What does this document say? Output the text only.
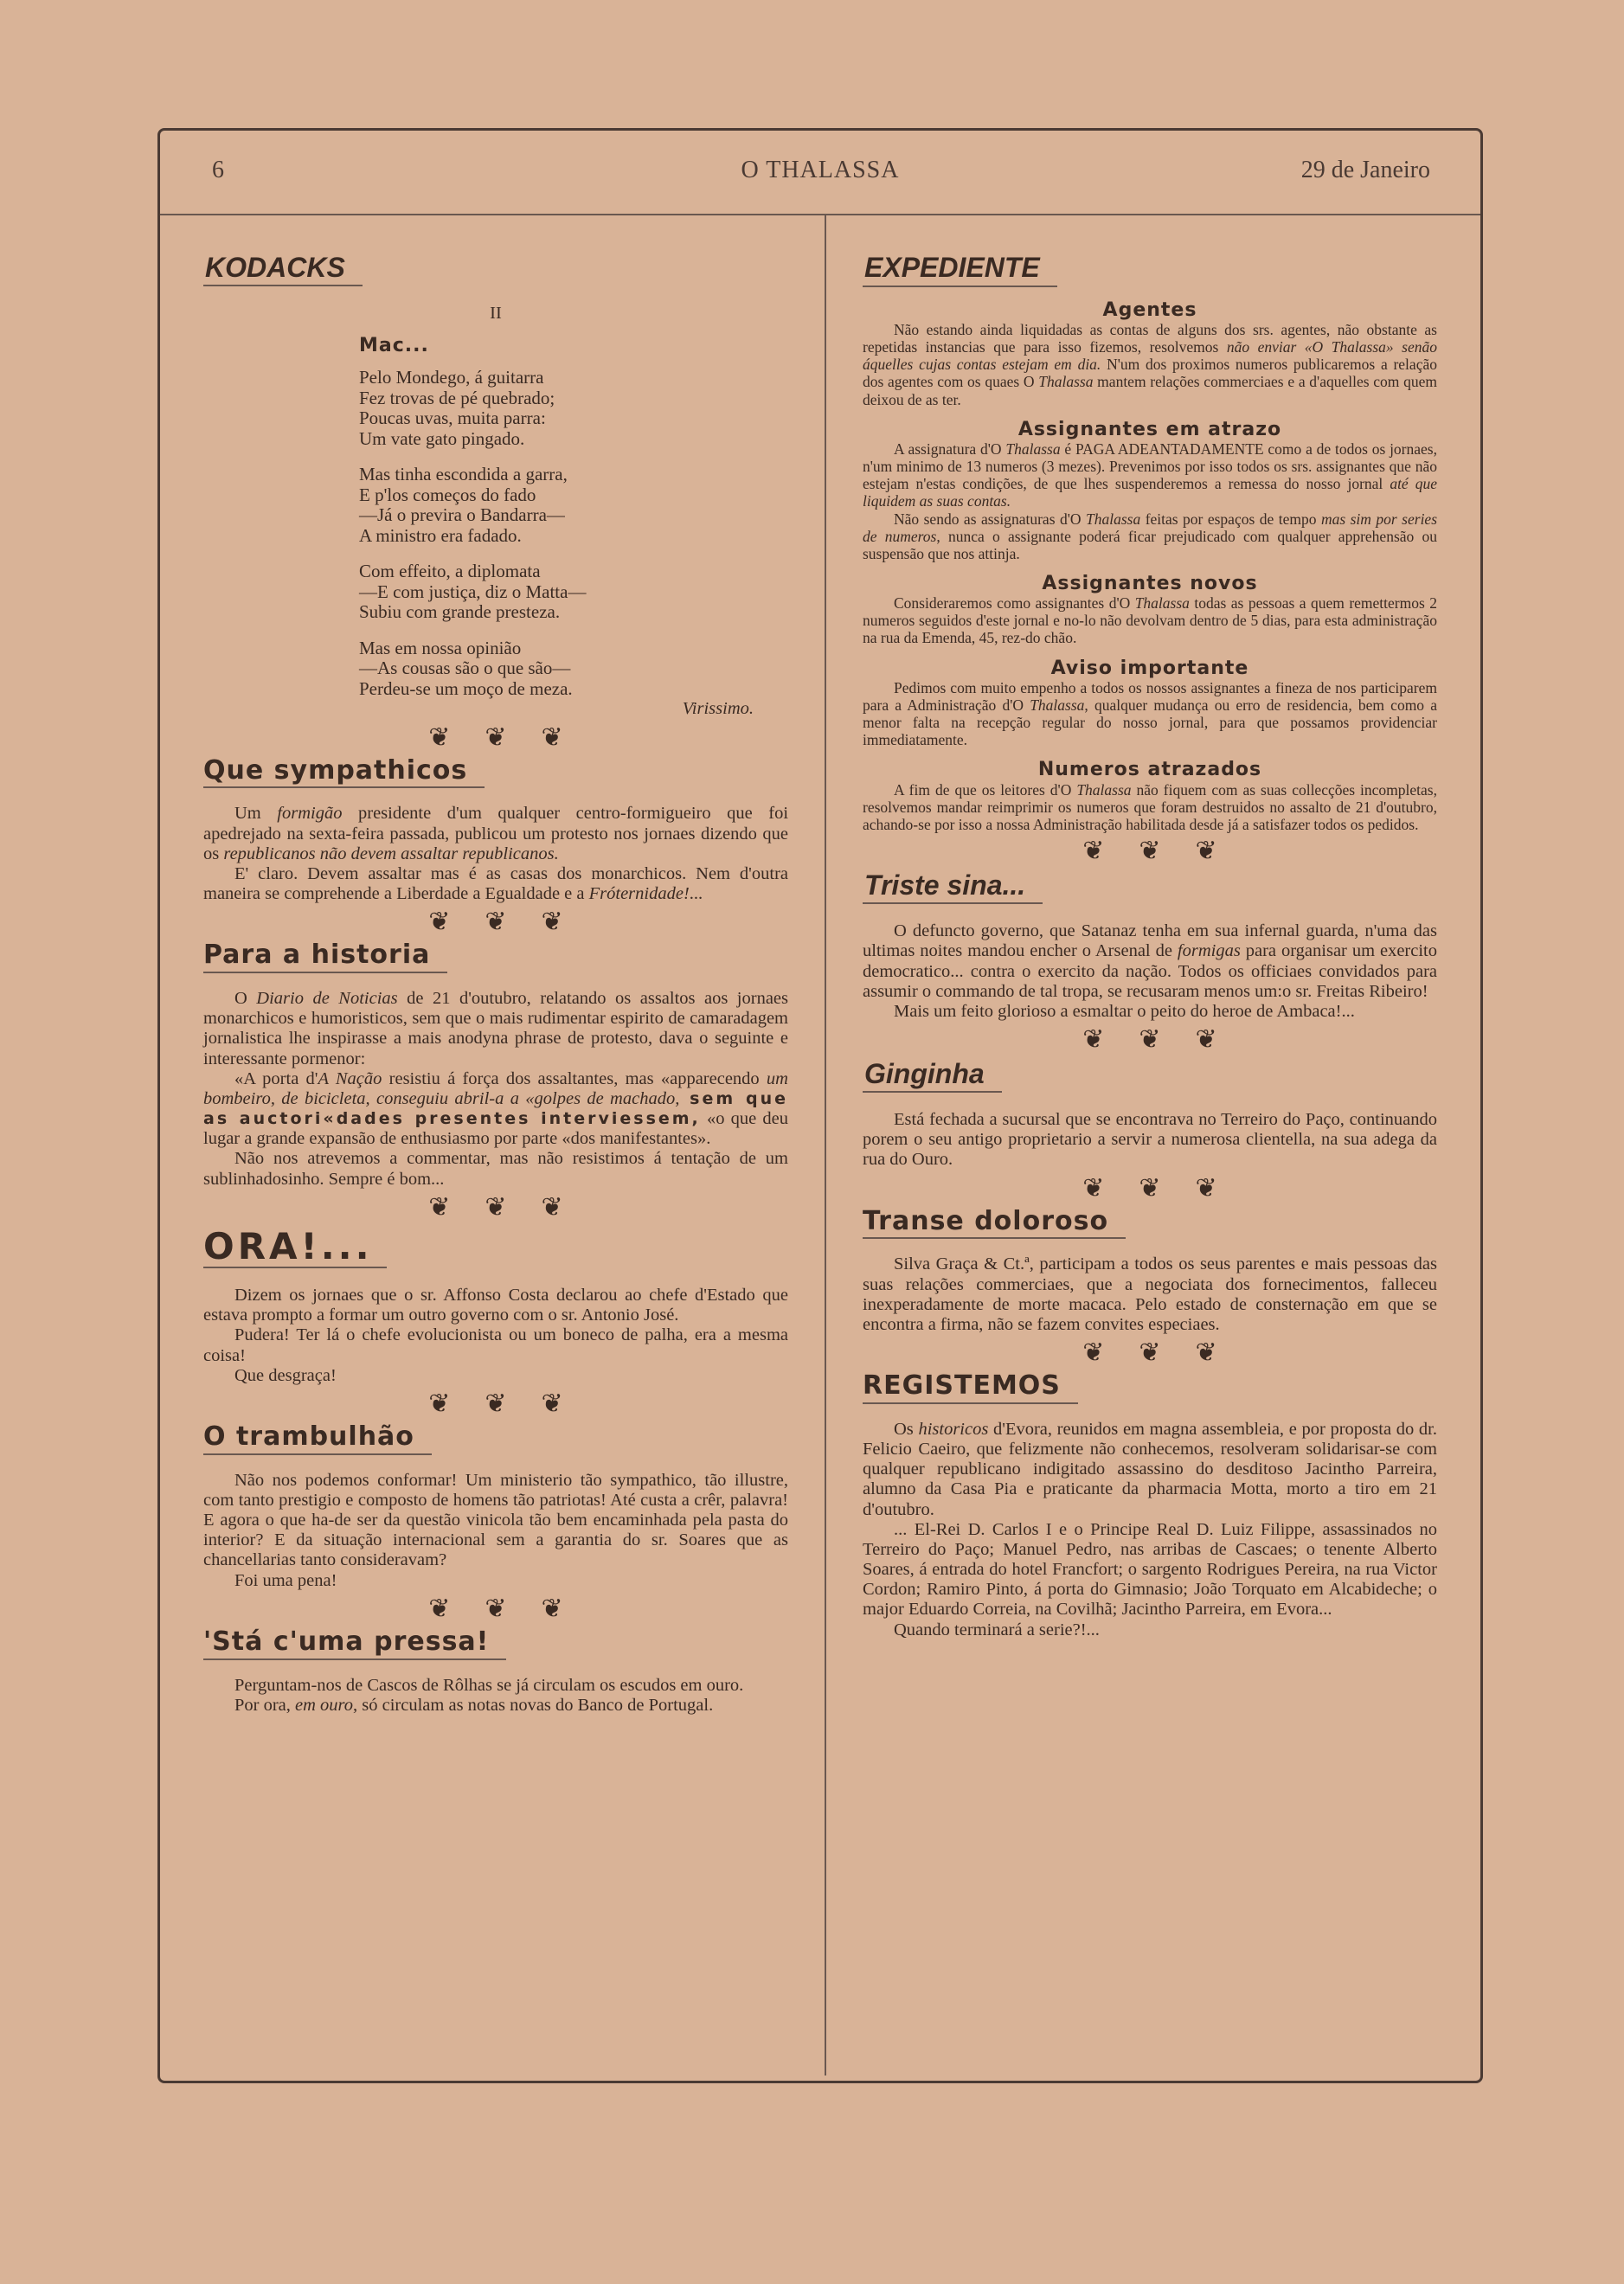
6	O THALASSA	29 de Janeiro
KODACKS
II
Mac...
Pelo Mondego, á guitarra
Fez trovas de pé quebrado;
Poucas uvas, muita parra:
Um vate gato pingado.
Mas tinha escondida a garra,
E p'los começos do fado
—Já o previra o Bandarra—
A ministro era fadado.
Com effeito, a diplomata
—E com justiça, diz o Matta—
Subiu com grande presteza.
Mas em nossa opinião
—As cousas são o que são—
Perdeu-se um moço de meza.
Virissimo.
❦❦❦
Que sympathicos

Um formigão presidente d'um qualquer centro-formigueiro que foi apedrejado na sexta-feira passada, publicou um protesto nos jornaes dizendo que os republicanos não devem assaltar republicanos.

E' claro. Devem assaltar mas é as casas dos monarchicos. Nem d'outra maneira se comprehende a Liberdade a Egualdade e a Fróternidade!...

❦❦❦
Para a historia

O Diario de Noticias de 21 d'outubro, relatando os assaltos aos jornaes monarchicos e humoristicos, sem que o mais rudimentar espirito de camaradagem jornalistica lhe inspirasse a mais anodyna phrase de protesto, dava o seguinte e interessante pormenor:

«A porta d'A Nação resistiu á força dos assaltantes, mas «apparecendo um bombeiro, de bicicleta, conseguiu abril-a a «golpes de machado, sem que as auctori«dades presentes interviessem, «o que deu lugar a grande expansão de enthusiasmo por parte «dos manifestantes».

Não nos atrevemos a commentar, mas não resistimos á tentação de um sublinhadosinho. Sempre é bom...

❦❦❦
ORA!...

Dizem os jornaes que o sr. Affonso Costa declarou ao chefe d'Estado que estava prompto a formar um outro governo com o sr. Antonio José.

Pudera! Ter lá o chefe evolucionista ou um boneco de palha, era a mesma coisa!

Que desgraça!

❦❦❦
O trambulhão

Não nos podemos conformar! Um ministerio tão sympathico, tão illustre, com tanto prestigio e composto de homens tão patriotas! Até custa a crêr, palavra! E agora o que ha-de ser da questão vinicola tão bem encaminhada pela pasta do interior? E da situação internacional sem a garantia do sr. Soares que as chancellarias tanto consideravam?

Foi uma pena!

❦❦❦
'Stá c'uma pressa!

Perguntam-nos de Cascos de Rôlhas se já circulam os escudos em ouro.

Por ora, em ouro, só circulam as notas novas do Banco de Portugal.

EXPEDIENTE
Agentes

Não estando ainda liquidadas as contas de alguns dos srs. agentes, não obstante as repetidas instancias que para isso fizemos, resolvemos não enviar «O Thalassa» senão áquelles cujas contas estejam em dia. N'um dos proximos numeros publicaremos a relação dos agentes com os quaes O Thalassa mantem relações commerciaes e a d'aquelles com quem deixou de as ter.

Assignantes em atrazo

A assignatura d'O Thalassa é PAGA ADEANTADAMENTE como a de todos os jornaes, n'um minimo de 13 numeros (3 mezes). Prevenimos por isso todos os srs. assignantes que não estejam n'estas condições, de que lhes suspenderemos a remessa do nosso jornal até que liquidem as suas contas.

Não sendo as assignaturas d'O Thalassa feitas por espaços de tempo mas sim por series de numeros, nunca o assignante poderá ficar prejudicado com qualquer apprehensão ou suspensão que nos attinja.

Assignantes novos

Consideraremos como assignantes d'O Thalassa todas as pessoas a quem remettermos 2 numeros seguidos d'este jornal e no-lo não devolvam dentro de 5 dias, para esta administração na rua da Emenda, 45, rez-do chão.

Aviso importante

Pedimos com muito empenho a todos os nossos assignantes a fineza de nos participarem para a Administração d'O Thalassa, qualquer mudança ou erro de residencia, bem como a menor falta na recepção regular do nosso jornal, para que possamos providenciar immediatamente.

Numeros atrazados

A fim de que os leitores d'O Thalassa não fiquem com as suas collecções incompletas, resolvemos mandar reimprimir os numeros que foram destruidos no assalto de 21 d'outubro, achando-se por isso a nossa Administração habilitada desde já a satisfazer todos os pedidos.

❦❦❦
Triste sina...

O defuncto governo, que Satanaz tenha em sua infernal guarda, n'uma das ultimas noites mandou encher o Arsenal de formigas para organisar um exercito democratico... contra o exercito da nação. Todos os officiaes convidados para assumir o commando de tal tropa, se recusaram menos um:o sr. Freitas Ribeiro!

Mais um feito glorioso a esmaltar o peito do heroe de Ambaca!...

❦❦❦
Ginginha

Está fechada a sucursal que se encontrava no Terreiro do Paço, continuando porem o seu antigo proprietario a servir a numerosa clientella, na sua adega da rua do Ouro.

❦❦❦
Transe doloroso

Silva Graça & Ct.ª, participam a todos os seus parentes e mais pessoas das suas relações commerciaes, que a negociata dos fornecimentos, falleceu inexperadamente de morte macaca. Pelo estado de consternação em que se encontra a firma, não se fazem convites especiaes.

❦❦❦
REGISTEMOS

Os historicos d'Evora, reunidos em magna assembleia, e por proposta do dr. Felicio Caeiro, que felizmente não conhecemos, resolveram solidarisar-se com qualquer republicano indigitado assassino do desditoso Jacintho Parreira, alumno da Casa Pia e praticante da pharmacia Motta, morto a tiro em 21 d'outubro.

... El-Rei D. Carlos I e o Principe Real D. Luiz Filippe, assassinados no Terreiro do Paço; Manuel Pedro, nas arribas de Cascaes; o tenente Alberto Soares, á entrada do hotel Francfort; o sargento Rodrigues Pereira, na rua Victor Cordon; Ramiro Pinto, á porta do Gimnasio; João Torquato em Alcabideche; o major Eduardo Correia, na Covilhã; Jacintho Parreira, em Evora...

Quando terminará a serie?!...
